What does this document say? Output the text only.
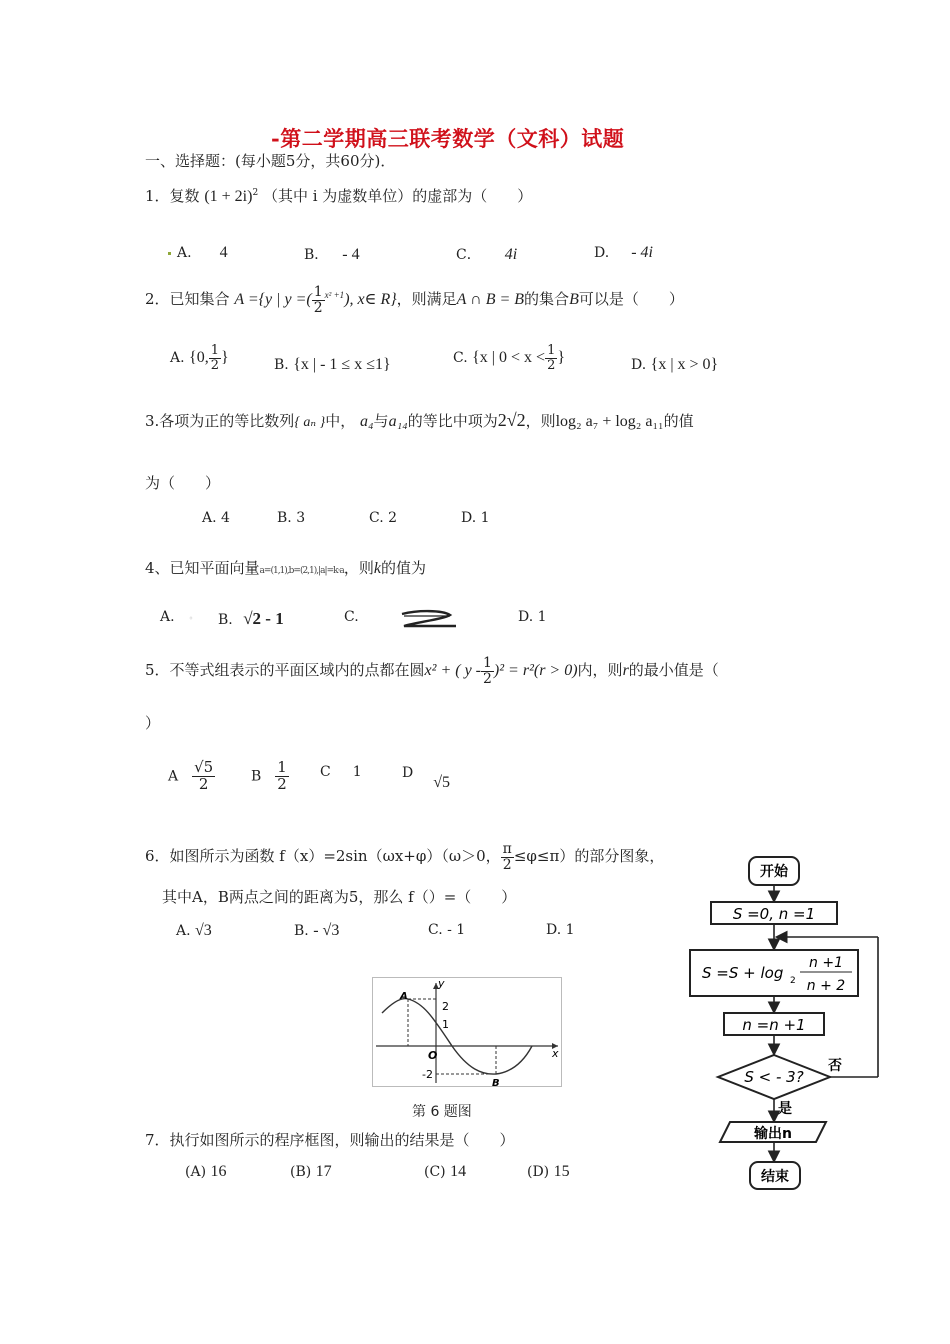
-第二学期高三联考数学（文科）试题
一、选择题：(每小题5分，共60分)．
1．复数 $(1 + 2i)^2$ （其中 i 为虚数单位）的虚部为（　　）
A. 4	B． - 4	C． 4i	D. - 4i
2．已知集合 A ={y | y =( $\frac{1}{2} ^{x^2 +1}$), x∈ R}，则满足A ∩ B = B的集合B可以是（　　）
A. {0, $\frac{1}{2}$ }	B. {x | - 1 ≤ x ≤1}	C. {x | $0 < x < \frac{1}{2}$ }	D. {x | x > 0}
3.各项为正的等比数列{ aₙ }中， a₄与a₁₄的等比中项为2√2，则log₂ a₇ + log₂ a₁₁的值
为（　　）
A. 4	B. 3	C. 2	D. 1
4、已知平面向量a=(1,1),b=(2,1),|a|=k·a，则k的值为
A. ◦ B. √2 - 1	C.	D. 1
5．不等式组表示的平面区域内的点都在圆x² + ( $y - \frac{1}{2} )^2 = r^2(r > 0)$内，则r的最小值是（
）
A $\frac{√5}{2}$	B $\frac{1}{2}$ C 1	D√5
6．如图所示为函数 f（x）=2sin（ωx+φ）（ω＞0， $\frac{\pi}{2} \le\varphi\le\pi$）的部分图象，
其中A，B两点之间的距离为5，那么 f（）=（　　）
A. √3	B. - √3	C. - 1	D. 1
y
x
O
2
1
-2
A
B
第 6 题图
7．执行如图所示的程序框图，则输出的结果是（　　）
(A) 16	(B) 17	(C) 14	(D) 15
开始
S =0, n =1
S =S + log 2
n +1
n + 2
n =n +1
S < - 3?
否
是
输出n
结束
